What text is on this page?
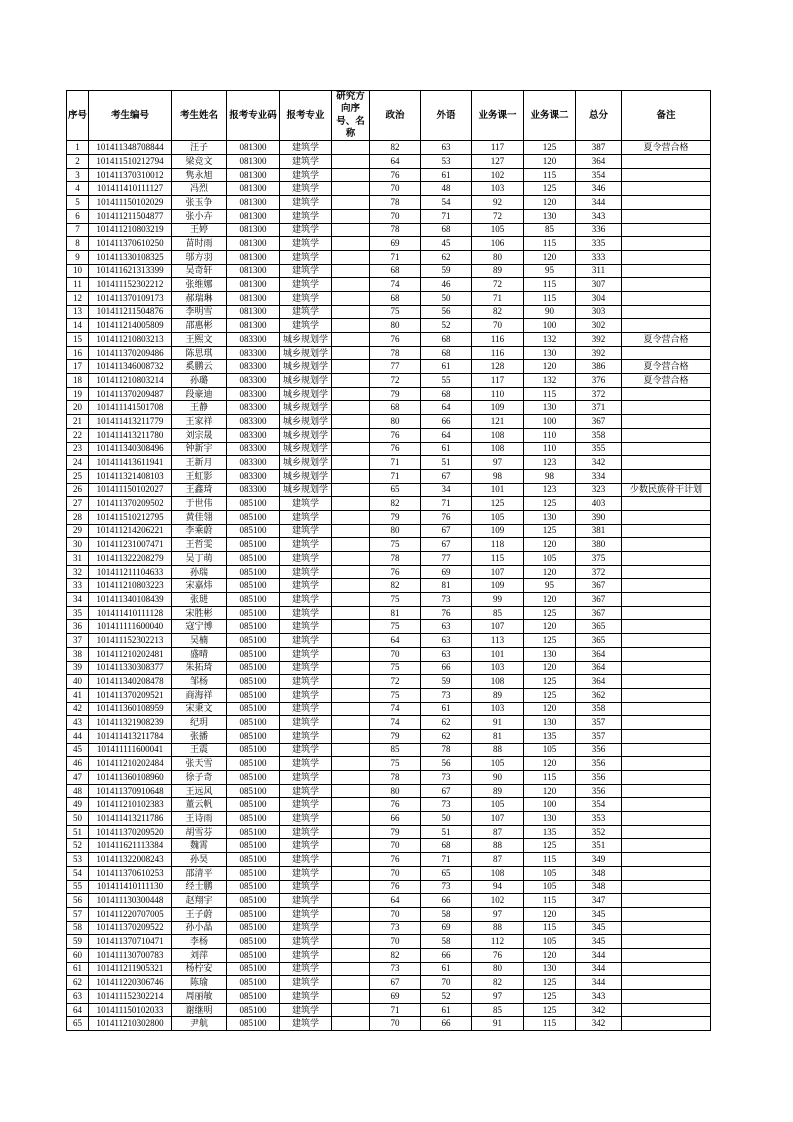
序号	考生编号	考生姓名	报考专业码	报考专业	研究方向序号、名称	政治	外语	业务课一	业务课二	总分	备注
1	101411348708844	汪子	081300	建筑学		82	63	117	125	387	夏令营合格
2	101411510212794	梁竞文	081300	建筑学		64	53	127	120	364	
3	101411370310012	隽永旭	081300	建筑学		76	61	102	115	354	
4	101411410111127	冯烈	081300	建筑学		70	48	103	125	346	
5	101411150102029	张玉争	081300	建筑学		78	54	92	120	344	
6	101411211504877	张小卉	081300	建筑学		70	71	72	130	343	
7	101411210803219	王婷	081300	建筑学		78	68	105	85	336	
8	101411370610250	苗时雨	081300	建筑学		69	45	106	115	335	
9	101411330108325	邬方羽	081300	建筑学		71	62	80	120	333	
10	101411621313399	吴奇轩	081300	建筑学		68	59	89	95	311	
11	101411152302212	张维娜	081300	建筑学		74	46	72	115	307	
12	101411370109173	郝瑞琳	081300	建筑学		68	50	71	115	304	
13	101411211504876	李明雪	081300	建筑学		75	56	82	90	303	
14	101411214005809	邵惠彬	081300	建筑学		80	52	70	100	302	
15	101411210803213	王熙文	083300	城乡规划学		76	68	116	132	392	夏令营合格
16	101411370209486	陈思琪	083300	城乡规划学		78	68	116	130	392	
17	101411346008732	奚鹏云	083300	城乡规划学		77	61	128	120	386	夏令营合格
18	101411210803214	孙璐	083300	城乡规划学		72	55	117	132	376	夏令营合格
19	101411370209487	段豪迪	083300	城乡规划学		79	68	110	115	372	
20	101411141501708	王静	083300	城乡规划学		68	64	109	130	371	
21	101411413211779	王家祥	083300	城乡规划学		80	66	121	100	367	
22	101411413211780	刘宗晟	083300	城乡规划学		76	64	108	110	358	
23	101411340308496	钟新宇	083300	城乡规划学		76	61	108	110	355	
24	101411413611941	王新月	083300	城乡规划学		71	51	97	123	342	
25	101411321408103	王虹影	083300	城乡规划学		71	67	98	98	334	
26	101411150102027	王鑫琦	083300	城乡规划学		65	34	101	123	323	少数民族骨干计划
27	101411370209502	于世伟	085100	建筑学		82	71	125	125	403	
28	101411510212795	黄佳翎	085100	建筑学		79	76	105	130	390	
29	101411214206221	李乘蔚	085100	建筑学		80	67	109	125	381	
30	101411231007471	王哲雯	085100	建筑学		75	67	118	120	380	
31	101411322208279	吴丁萌	085100	建筑学		78	77	115	105	375	
32	101411211104633	孙瑞	085100	建筑学		76	69	107	120	372	
33	101411210803223	宋嘉炜	085100	建筑学		82	81	109	95	367	
34	101411340108439	张琎	085100	建筑学		75	73	99	120	367	
35	101411410111128	宋胜彬	085100	建筑学		81	76	85	125	367	
36	101411111600040	寇宁博	085100	建筑学		75	63	107	120	365	
37	101411152302213	吴楠	085100	建筑学		64	63	113	125	365	
38	101411210202481	盛晴	085100	建筑学		70	63	101	130	364	
39	101411330308377	朱拓琦	085100	建筑学		75	66	103	120	364	
40	101411340208478	邹杨	085100	建筑学		72	59	108	125	364	
41	101411370209521	商海祥	085100	建筑学		75	73	89	125	362	
42	101411360108959	宋秉文	085100	建筑学		74	61	103	120	358	
43	101411321908239	纪玥	085100	建筑学		74	62	91	130	357	
44	101411413211784	张播	085100	建筑学		79	62	81	135	357	
45	101411111600041	王震	085100	建筑学		85	78	88	105	356	
46	101411210202484	张天雪	085100	建筑学		75	56	105	120	356	
47	101411360108960	徐子奇	085100	建筑学		78	73	90	115	356	
48	101411370910648	王远风	085100	建筑学		80	67	89	120	356	
49	101411210102383	董云帆	085100	建筑学		76	73	105	100	354	
50	101411413211786	王诗雨	085100	建筑学		66	50	107	130	353	
51	101411370209520	胡雪芬	085100	建筑学		79	51	87	135	352	
52	101411621113384	魏霄	085100	建筑学		70	68	88	125	351	
53	101411322008243	孙昊	085100	建筑学		76	71	87	115	349	
54	101411370610253	邵清平	085100	建筑学		70	65	108	105	348	
55	101411410111130	经士鹏	085100	建筑学		76	73	94	105	348	
56	101411130300448	赵翔宇	085100	建筑学		64	66	102	115	347	
57	101411220707005	王子蔚	085100	建筑学		70	58	97	120	345	
58	101411370209522	孙小晶	085100	建筑学		73	69	88	115	345	
59	101411370710471	李杨	085100	建筑学		70	58	112	105	345	
60	101411130700783	刘萍	085100	建筑学		82	66	76	120	344	
61	101411211905321	杨柠安	085100	建筑学		73	61	80	130	344	
62	101411220306746	陈瑜	085100	建筑学		67	70	82	125	344	
63	101411152302214	周丽敏	085100	建筑学		69	52	97	125	343	
64	101411150102033	谢继明	085100	建筑学		71	61	85	125	342	
65	101411210302800	尹航	085100	建筑学		70	66	91	115	342	
